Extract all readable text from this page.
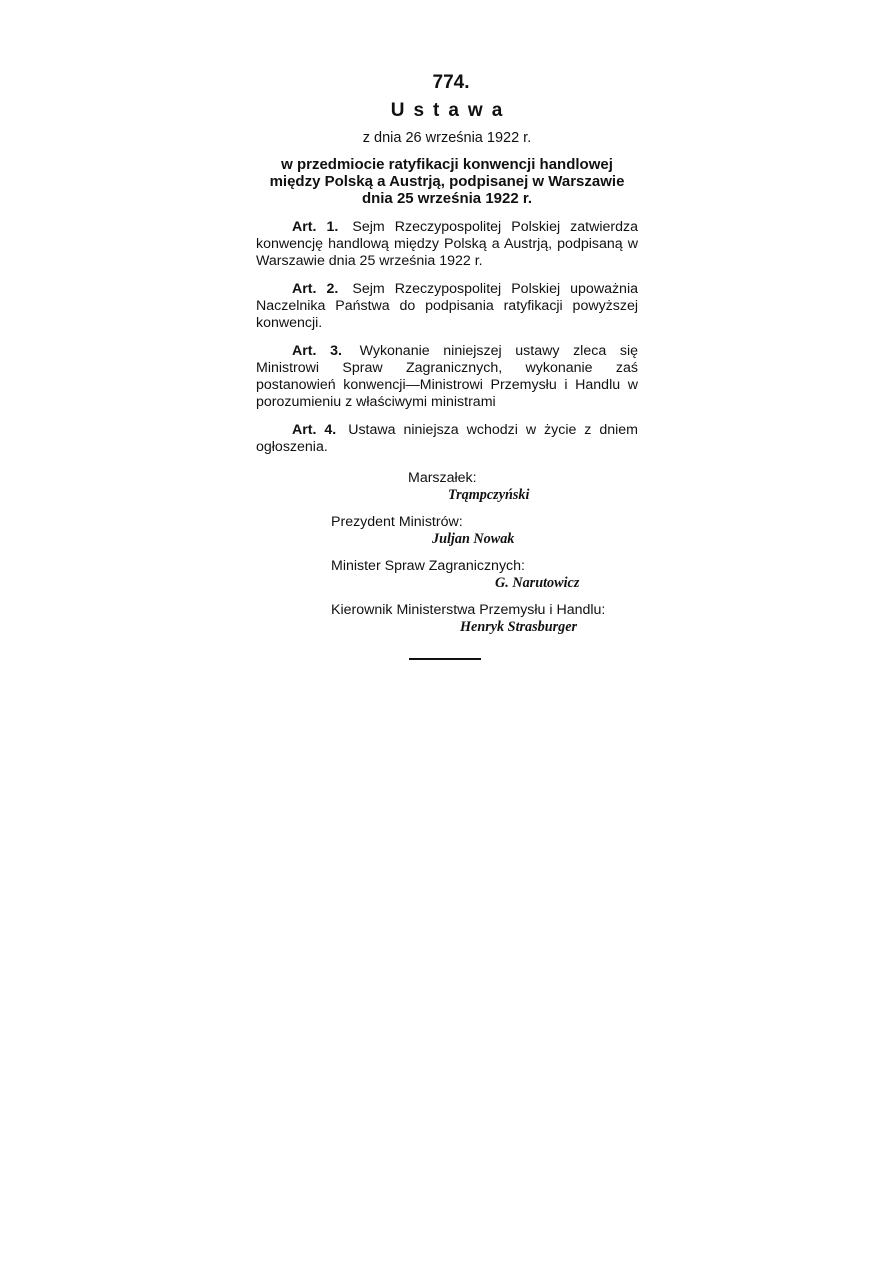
774.
Ustawa
z dnia 26 września 1922 r.
w przedmiocie ratyfikacji konwencji handlowej między Polską a Austrją, podpisanej w Warszawie dnia 25 września 1922 r.

Art. 1. Sejm Rzeczypospolitej Polskiej zatwierdza konwencję handlową między Polską a Austrją, podpisaną w Warszawie dnia 25 września 1922 r.

Art. 2. Sejm Rzeczypospolitej Polskiej upoważnia Naczelnika Państwa do podpisania ratyfikacji powyższej konwencji.

Art. 3. Wykonanie niniejszej ustawy zleca się Ministrowi Spraw Zagranicznych, wykonanie zaś postanowień konwencji—Ministrowi Przemysłu i Handlu w porozumieniu z właściwymi ministrami

Art. 4. Ustawa niniejsza wchodzi w życie z dniem ogłoszenia.

Marszałek:
Trąmpczyński
Prezydent Ministrów:
Juljan Nowak
Minister Spraw Zagranicznych:
G. Narutowicz
Kierownik Ministerstwa Przemysłu i Handlu:
Henryk Strasburger
